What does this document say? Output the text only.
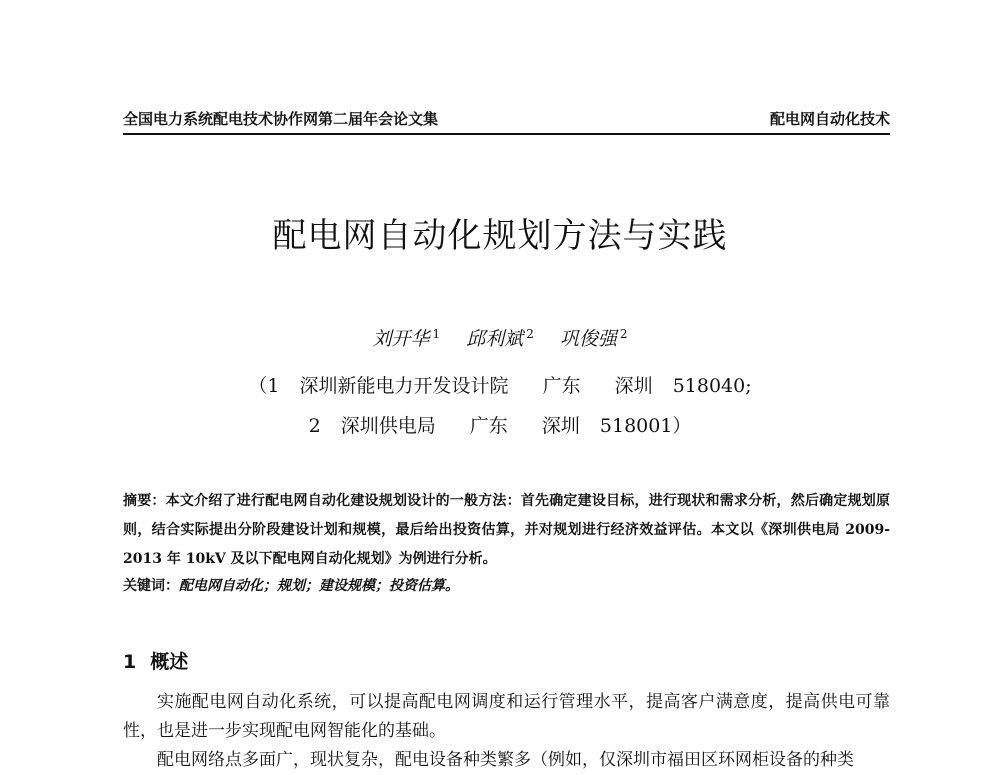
全国电力系统配电技术协作网第二届年会论文集	配电网自动化技术
配电网自动化规划方法与实践
刘开华 $^1$ 邱利斌 $^2$ 巩俊强 $^2$
（1 深圳新能电力开发设计院 广东 深圳 518040;
2 深圳供电局 广东 深圳 518001）

摘要：本文介绍了进行配电网自动化建设规划设计的一般方法：首先确定建设目标，进行现状和需求分析，然后确定规划原则，结合实际提出分阶段建设计划和规模，最后给出投资估算，并对规划进行经济效益评估。本文以《深圳供电局 2009-2013 年 10kV 及以下配电网自动化规划》为例进行分析。

关键词：配电网自动化；规划；建设规模；投资估算。
1 概述

实施配电网自动化系统，可以提高配电网调度和运行管理水平，提高客户满意度，提高供电可靠性，也是进一步实现配电网智能化的基础。

配电网络点多面广，现状复杂，配电设备种类繁多（例如，仅深圳市福田区环网柜设备的种类
